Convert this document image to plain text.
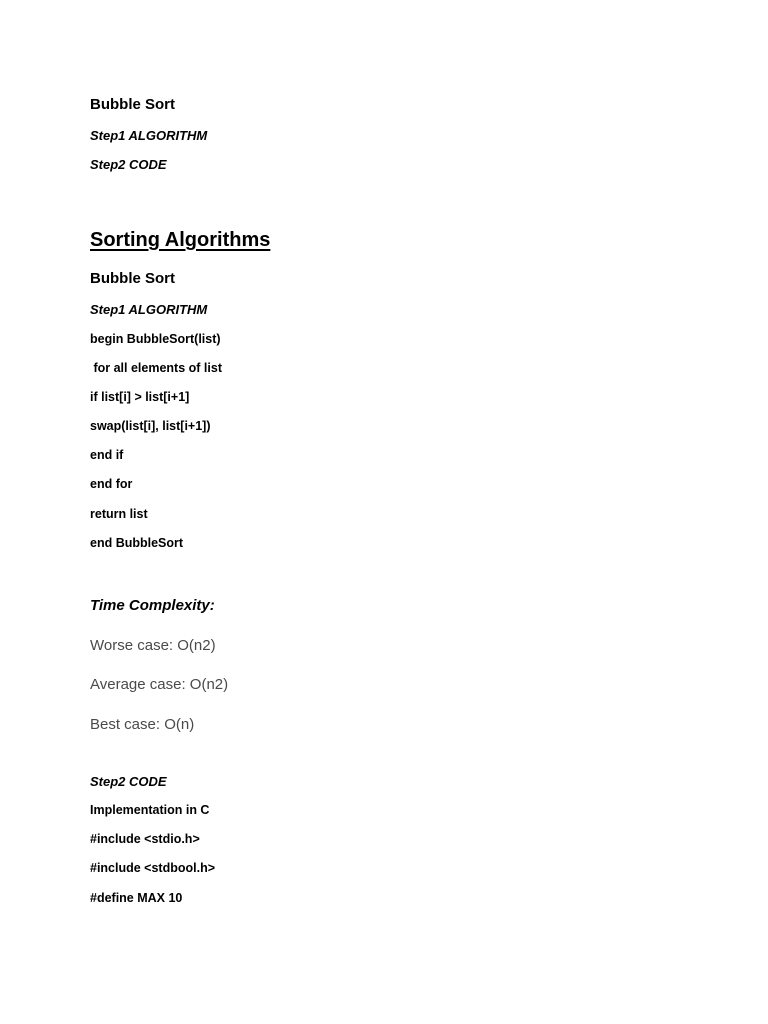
Bubble Sort
Step1 ALGORITHM
Step2 CODE
Sorting Algorithms
Bubble Sort
Step1 ALGORITHM
begin BubbleSort(list)
for all elements of list
if list[i] > list[i+1]
swap(list[i], list[i+1])
end if
end for
return list
end BubbleSort
Time Complexity:
Worse case: O(n2)
Average case: O(n2)
Best case: O(n)
Step2 CODE
Implementation in C
#include <stdio.h>
#include <stdbool.h>
#define MAX 10
